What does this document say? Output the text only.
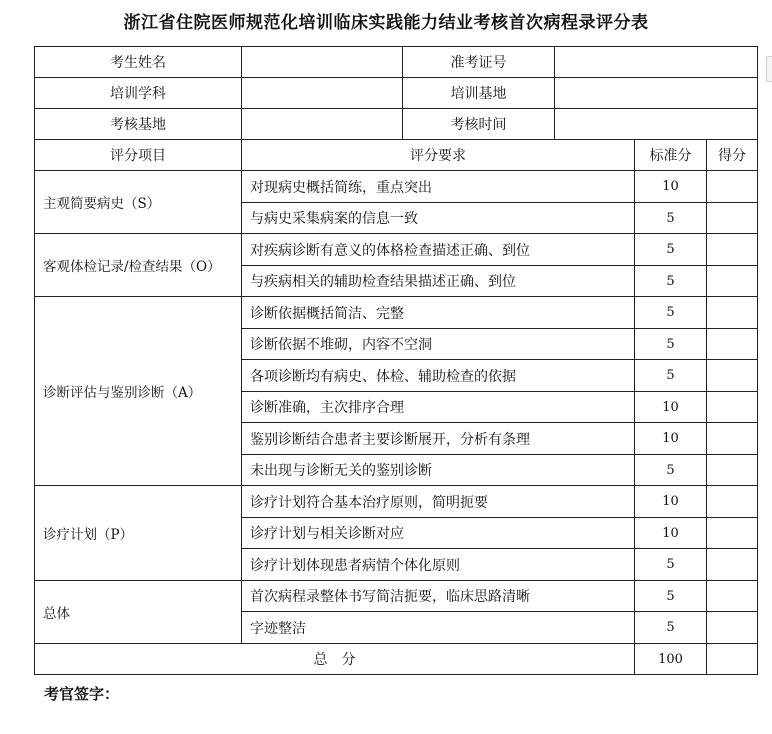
浙江省住院医师规范化培训临床实践能力结业考核首次病程录评分表
考生姓名		准考证号			
培训学科		培训基地			
考核基地		考核时间			
评分项目	评分要求			标准分	得分
主观简要病史（S）	对现病史概括简练，重点突出			10	
	与病史采集病案的信息一致			5	
客观体检记录/检查结果（O）	对疾病诊断有意义的体格检查描述正确、到位			5	
	与疾病相关的辅助检查结果描述正确、到位			5	
诊断评估与鉴别诊断（A）	诊断依据概括简洁、完整			5	
	诊断依据不堆砌，内容不空洞			5	
	各项诊断均有病史、体检、辅助检查的依据			5	
	诊断准确，主次排序合理			10	
	鉴别诊断结合患者主要诊断展开，分析有条理			10	
	未出现与诊断无关的鉴别诊断			5	
诊疗计划（P）	诊疗计划符合基本治疗原则，简明扼要			10	
	诊疗计划与相关诊断对应			10	
	诊疗计划体现患者病情个体化原则			5	
总体	首次病程录整体书写简洁扼要，临床思路清晰			5	
	字迹整洁			5	
总　分				100	
考官签字：
